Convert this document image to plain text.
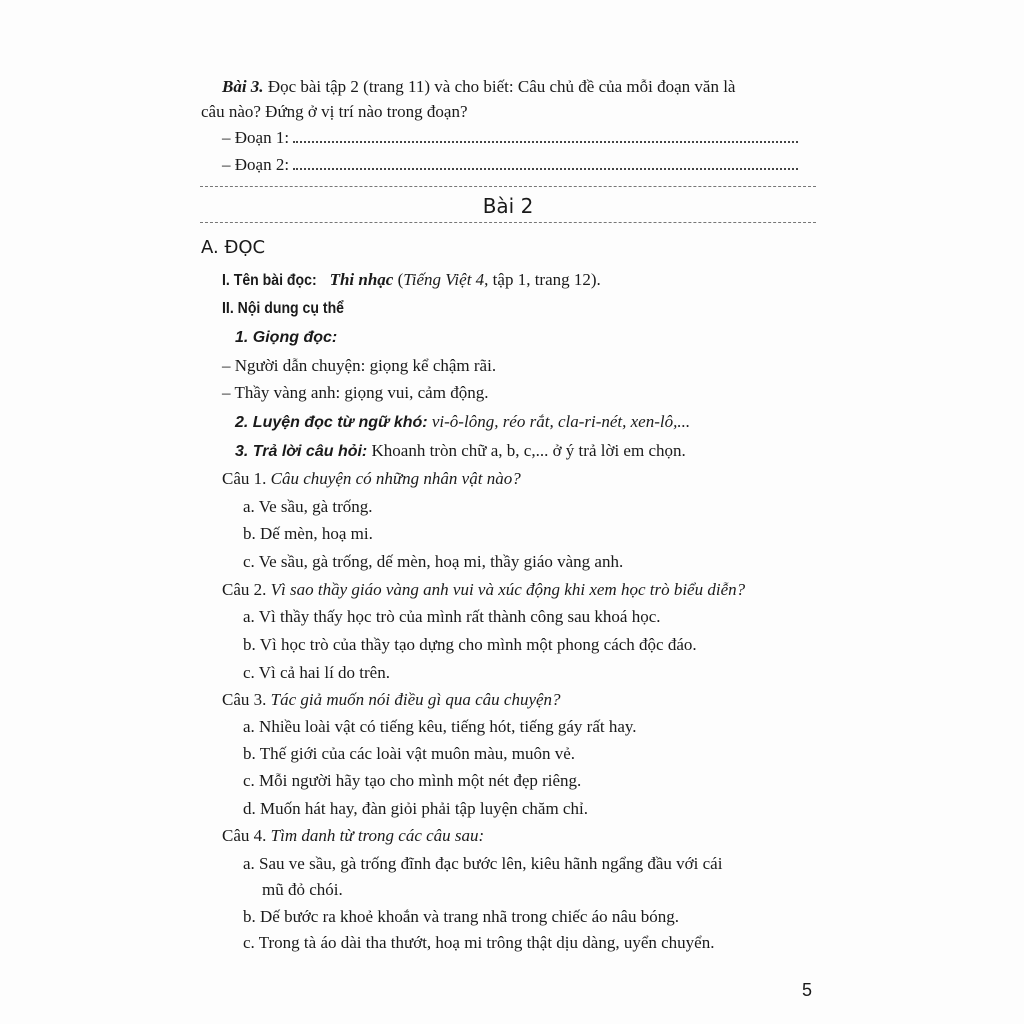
Bài 3. Đọc bài tập 2 (trang 11) và cho biết: Câu chủ đề của mỗi đoạn văn là
câu nào? Đứng ở vị trí nào trong đoạn?
– Đoạn 1:
– Đoạn 2:
Bài 2
A. ĐỌC
I. Tên bài đọc: Thi nhạc (Tiếng Việt 4, tập 1, trang 12).
II. Nội dung cụ thể
1. Giọng đọc:
– Người dẫn chuyện: giọng kể chậm rãi.
– Thầy vàng anh: giọng vui, cảm động.
2. Luyện đọc từ ngữ khó: vi-ô-lông, réo rắt, cla-ri-nét, xen-lô,...
3. Trả lời câu hỏi: Khoanh tròn chữ a, b, c,... ở ý trả lời em chọn.
Câu 1. Câu chuyện có những nhân vật nào?
a. Ve sầu, gà trống.
b. Dế mèn, hoạ mi.
c. Ve sầu, gà trống, dế mèn, hoạ mi, thầy giáo vàng anh.
Câu 2. Vì sao thầy giáo vàng anh vui và xúc động khi xem học trò biểu diễn?
a. Vì thầy thấy học trò của mình rất thành công sau khoá học.
b. Vì học trò của thầy tạo dựng cho mình một phong cách độc đáo.
c. Vì cả hai lí do trên.
Câu 3. Tác giả muốn nói điều gì qua câu chuyện?
a. Nhiều loài vật có tiếng kêu, tiếng hót, tiếng gáy rất hay.
b. Thế giới của các loài vật muôn màu, muôn vẻ.
c. Mỗi người hãy tạo cho mình một nét đẹp riêng.
d. Muốn hát hay, đàn giỏi phải tập luyện chăm chỉ.
Câu 4. Tìm danh từ trong các câu sau:
a. Sau ve sầu, gà trống đĩnh đạc bước lên, kiêu hãnh ngẩng đầu với cái
mũ đỏ chói.
b. Dế bước ra khoẻ khoắn và trang nhã trong chiếc áo nâu bóng.
c. Trong tà áo dài tha thướt, hoạ mi trông thật dịu dàng, uyển chuyển.
5
